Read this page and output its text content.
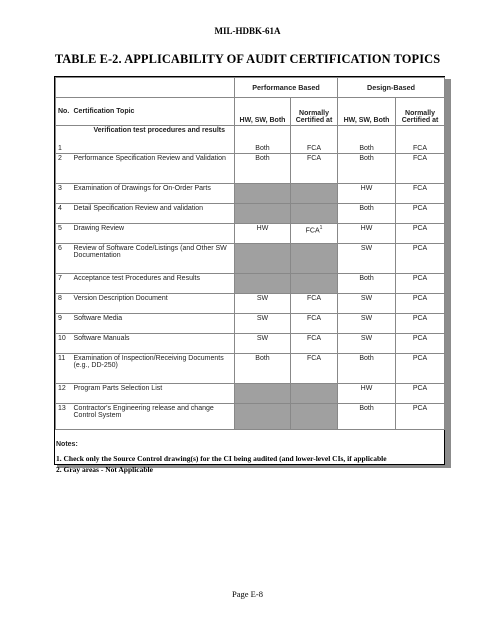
MIL-HDBK-61A
TABLE E-2. APPLICABILITY OF AUDIT CERTIFICATION TOPICS
		Performance Based		Design-Based	
No.	Certification Topic	HW, SW, Both	Normally Certified at	HW, SW, Both	Normally Certified at
1	Verification test procedures and results	Both	FCA	Both	FCA
2	Performance Specification Review and Validation	Both	FCA	Both	FCA
3	Examination of Drawings for On-Order Parts			HW	FCA
4	Detail Specification Review and validation			Both	PCA
5	Drawing Review	HW	FCA$^1$	HW	PCA
6	Review of Software Code/Listings (and Other SW Documentation			SW	PCA
7	Acceptance test Procedures and Results			Both	PCA
8	Version Description Document	SW	FCA	SW	PCA
9	Software Media	SW	FCA	SW	PCA
10	Software Manuals	SW	FCA	SW	PCA
11	Examination of Inspection/Receiving Documents (e.g., DD-250)	Both	FCA	Both	PCA
12	Program Parts Selection List			HW	PCA
13	Contractor's Engineering release and change Control System			Both	PCA
Notes:
1. Check only the Source Control drawing(s) for the CI being audited (and lower-level CIs, if applicable
2. Gray areas - Not Applicable
Page E-8
